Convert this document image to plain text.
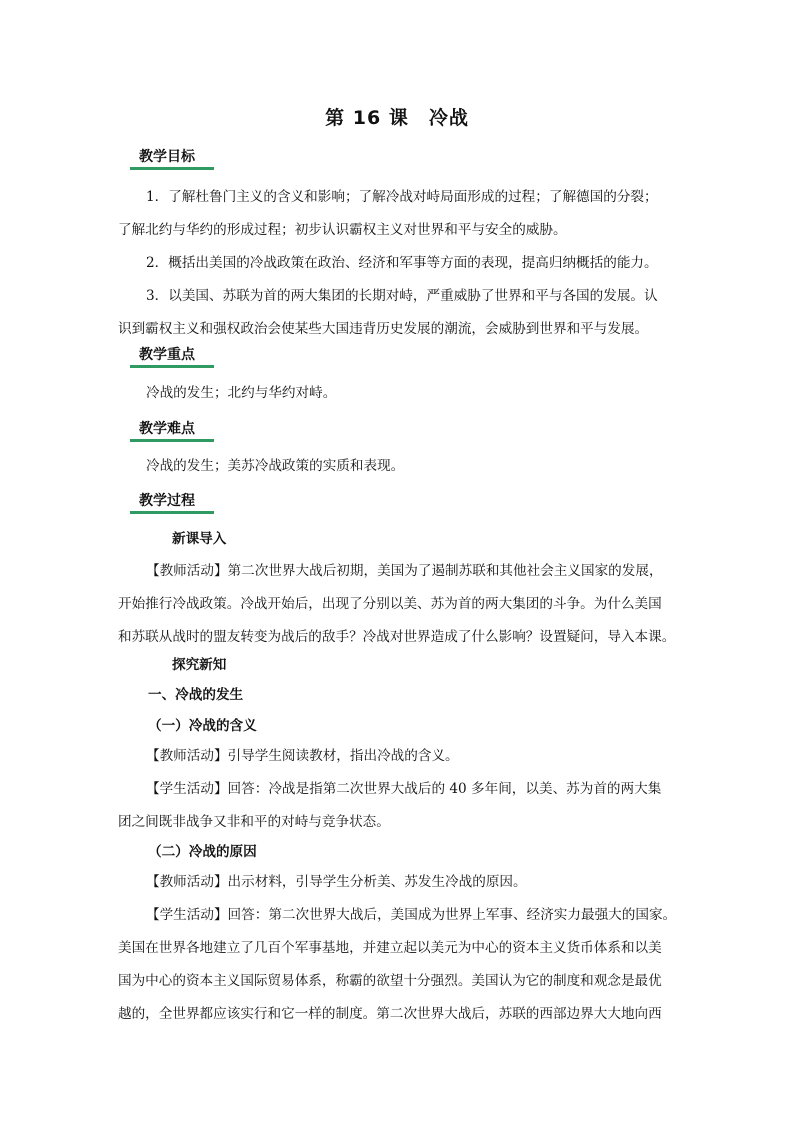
第 16 课　冷战
教学目标
1．了解杜鲁门主义的含义和影响；了解冷战对峙局面形成的过程；了解德国的分裂；
了解北约与华约的形成过程；初步认识霸权主义对世界和平与安全的威胁。
2．概括出美国的冷战政策在政治、经济和军事等方面的表现，提高归纳概括的能力。
3．以美国、苏联为首的两大集团的长期对峙，严重威胁了世界和平与各国的发展。认
识到霸权主义和强权政治会使某些大国违背历史发展的潮流，会威胁到世界和平与发展。
教学重点
冷战的发生；北约与华约对峙。
教学难点
冷战的发生；美苏冷战政策的实质和表现。
教学过程
新课导入
【教师活动】第二次世界大战后初期，美国为了遏制苏联和其他社会主义国家的发展，
开始推行冷战政策。冷战开始后，出现了分别以美、苏为首的两大集团的斗争。为什么美国
和苏联从战时的盟友转变为战后的敌手？冷战对世界造成了什么影响？设置疑问，导入本课。
探究新知
一、冷战的发生
（一）冷战的含义
【教师活动】引导学生阅读教材，指出冷战的含义。
【学生活动】回答：冷战是指第二次世界大战后的 40 多年间，以美、苏为首的两大集
团之间既非战争又非和平的对峙与竞争状态。
（二）冷战的原因
【教师活动】出示材料，引导学生分析美、苏发生冷战的原因。
【学生活动】回答：第二次世界大战后，美国成为世界上军事、经济实力最强大的国家。
美国在世界各地建立了几百个军事基地，并建立起以美元为中心的资本主义货币体系和以美
国为中心的资本主义国际贸易体系，称霸的欲望十分强烈。美国认为它的制度和观念是最优
越的，全世界都应该实行和它一样的制度。第二次世界大战后，苏联的西部边界大大地向西
